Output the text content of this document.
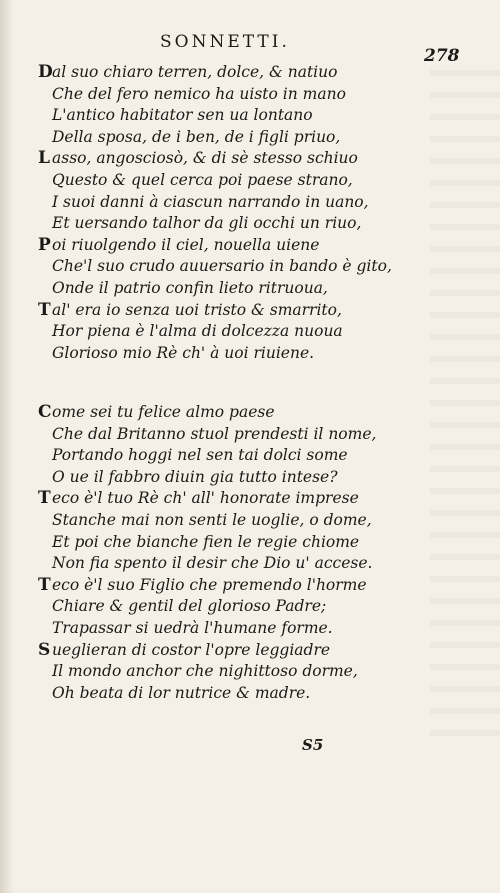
SONNETTI.
278
Dal suo chiaro terren, dolce, & natiuo
Che del fero nemico ha uisto in mano
L'antico habitator sen ua lontano
Della sposa, de i ben, de i figli priuo,
L asso, angosciosò, & di sè stesso schiuo
Questo & quel cerca poi paese strano,
I suoi danni à ciascun narrando in uano,
Et uersando talhor da gli occhi un riuo,
Poi riuolgendo il ciel, nouella uiene
Che'l suo crudo auuersario in bando è gito,
Onde il patrio confin lieto ritruoua,
Tal' era io senza uoi tristo & smarrito,
Hor piena è l'alma di dolcezza nuoua
Glorioso mio Rè ch' à uoi riuiene.
Come sei tu felice almo paese
Che dal Britanno stuol prendesti il nome,
Portando hoggi nel sen tai dolci some
O ue il fabbro diuin gia tutto intese?
Teco è'l tuo Rè ch' all' honorate imprese
Stanche mai non senti le uoglie, o dome,
Et poi che bianche fien le regie chiome
Non fia spento il desir che Dio u' accese.
Teco è'l suo Figlio che premendo l'horme
Chiare & gentil del glorioso Padre;
Trapassar si uedrà l'humane forme.
S ueglieran di costor l'opre leggiadre
Il mondo anchor che nighittoso dorme,
Oh beata di lor nutrice & madre.
S5
